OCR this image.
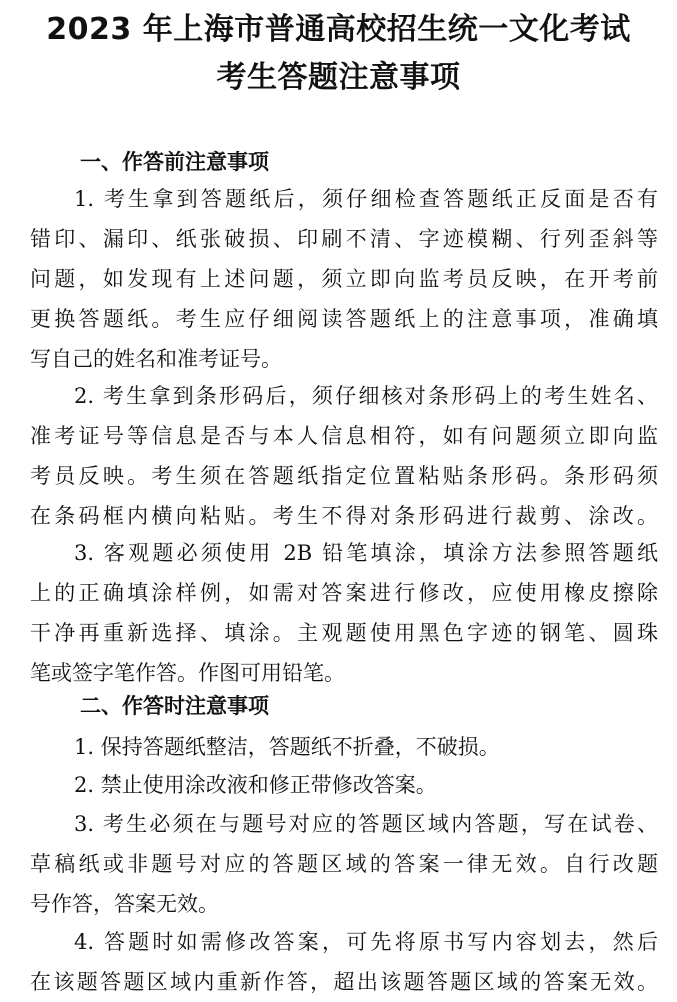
2023 年上海市普通高校招生统一文化考试
考生答题注意事项
一、作答前注意事项
1. 考生拿到答题纸后，须仔细检查答题纸正反面是否有
错印、漏印、纸张破损、印刷不清、字迹模糊、行列歪斜等
问题，如发现有上述问题，须立即向监考员反映，在开考前
更换答题纸。考生应仔细阅读答题纸上的注意事项，准确填
写自己的姓名和准考证号。
2. 考生拿到条形码后，须仔细核对条形码上的考生姓名、
准考证号等信息是否与本人信息相符，如有问题须立即向监
考员反映。考生须在答题纸指定位置粘贴条形码。条形码须
在条码框内横向粘贴。考生不得对条形码进行裁剪、涂改。
3. 客观题必须使用 2B 铅笔填涂，填涂方法参照答题纸
上的正确填涂样例，如需对答案进行修改，应使用橡皮擦除
干净再重新选择、填涂。主观题使用黑色字迹的钢笔、圆珠
笔或签字笔作答。作图可用铅笔。
二、作答时注意事项
1. 保持答题纸整洁，答题纸不折叠，不破损。
2. 禁止使用涂改液和修正带修改答案。
3. 考生必须在与题号对应的答题区域内答题，写在试卷、
草稿纸或非题号对应的答题区域的答案一律无效。自行改题
号作答，答案无效。
4. 答题时如需修改答案，可先将原书写内容划去，然后
在该题答题区域内重新作答，超出该题答题区域的答案无效。
